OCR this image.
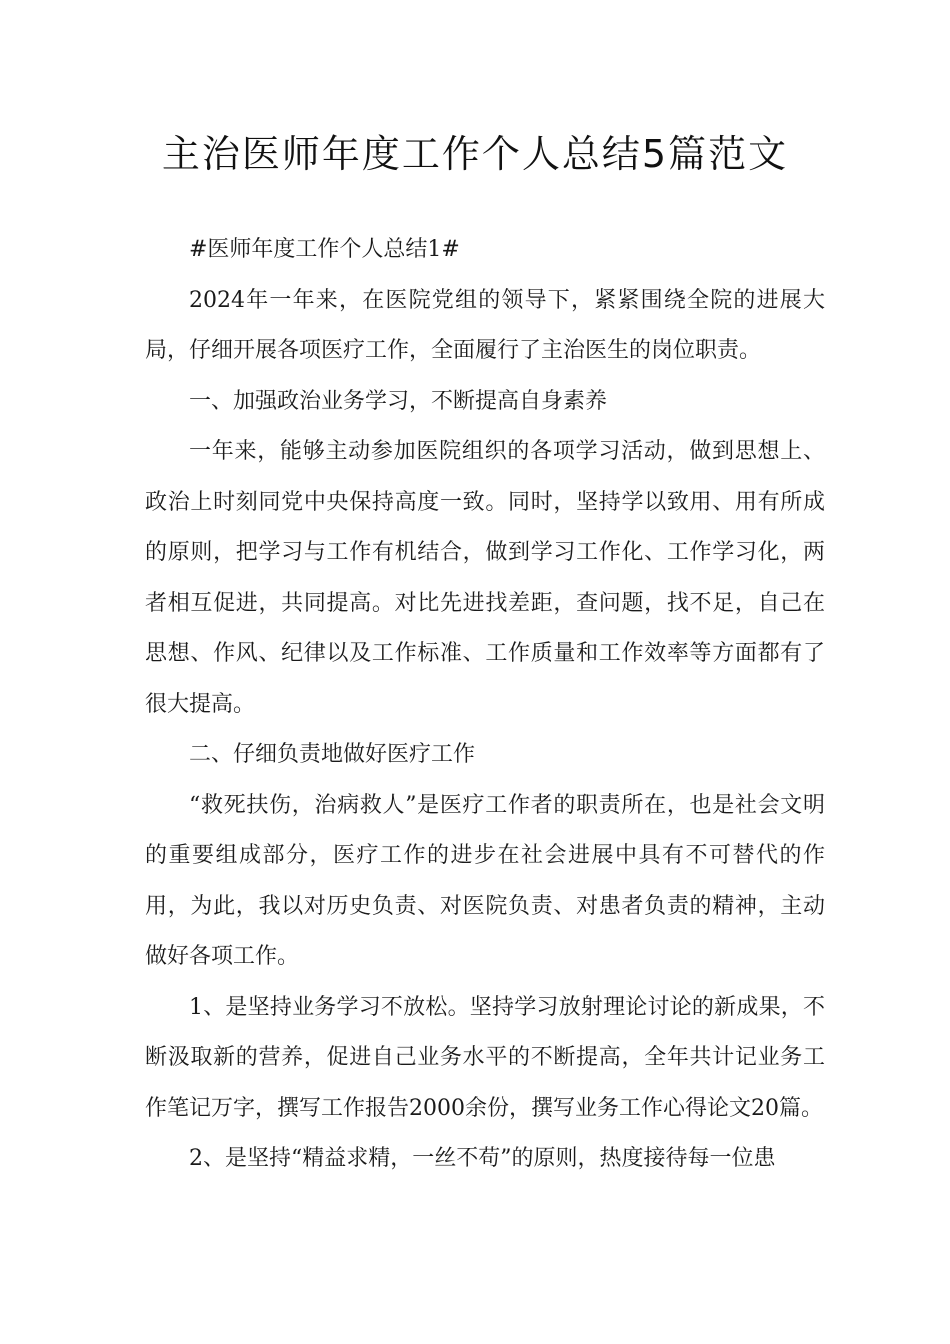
主治医师年度工作个人总结5篇范文

#医师年度工作个人总结1#

2024年一年来，在医院党组的领导下，紧紧围绕全院的进展大局，仔细开展各项医疗工作，全面履行了主治医生的岗位职责。

一、加强政治业务学习，不断提高自身素养

一年来，能够主动参加医院组织的各项学习活动，做到思想上、政治上时刻同党中央保持高度一致。同时，坚持学以致用、用有所成的原则，把学习与工作有机结合，做到学习工作化、工作学习化，两者相互促进，共同提高。对比先进找差距，查问题，找不足，自己在思想、作风、纪律以及工作标准、工作质量和工作效率等方面都有了很大提高。

二、仔细负责地做好医疗工作

“救死扶伤，治病救人”是医疗工作者的职责所在，也是社会文明的重要组成部分，医疗工作的进步在社会进展中具有不可替代的作用，为此，我以对历史负责、对医院负责、对患者负责的精神，主动做好各项工作。

1、是坚持业务学习不放松。坚持学习放射理论讨论的新成果，不断汲取新的营养，促进自己业务水平的不断提高，全年共计记业务工作笔记万字，撰写工作报告2000余份，撰写业务工作心得论文20篇。

2、是坚持“精益求精，一丝不苟”的原则，热度接待每一位患
